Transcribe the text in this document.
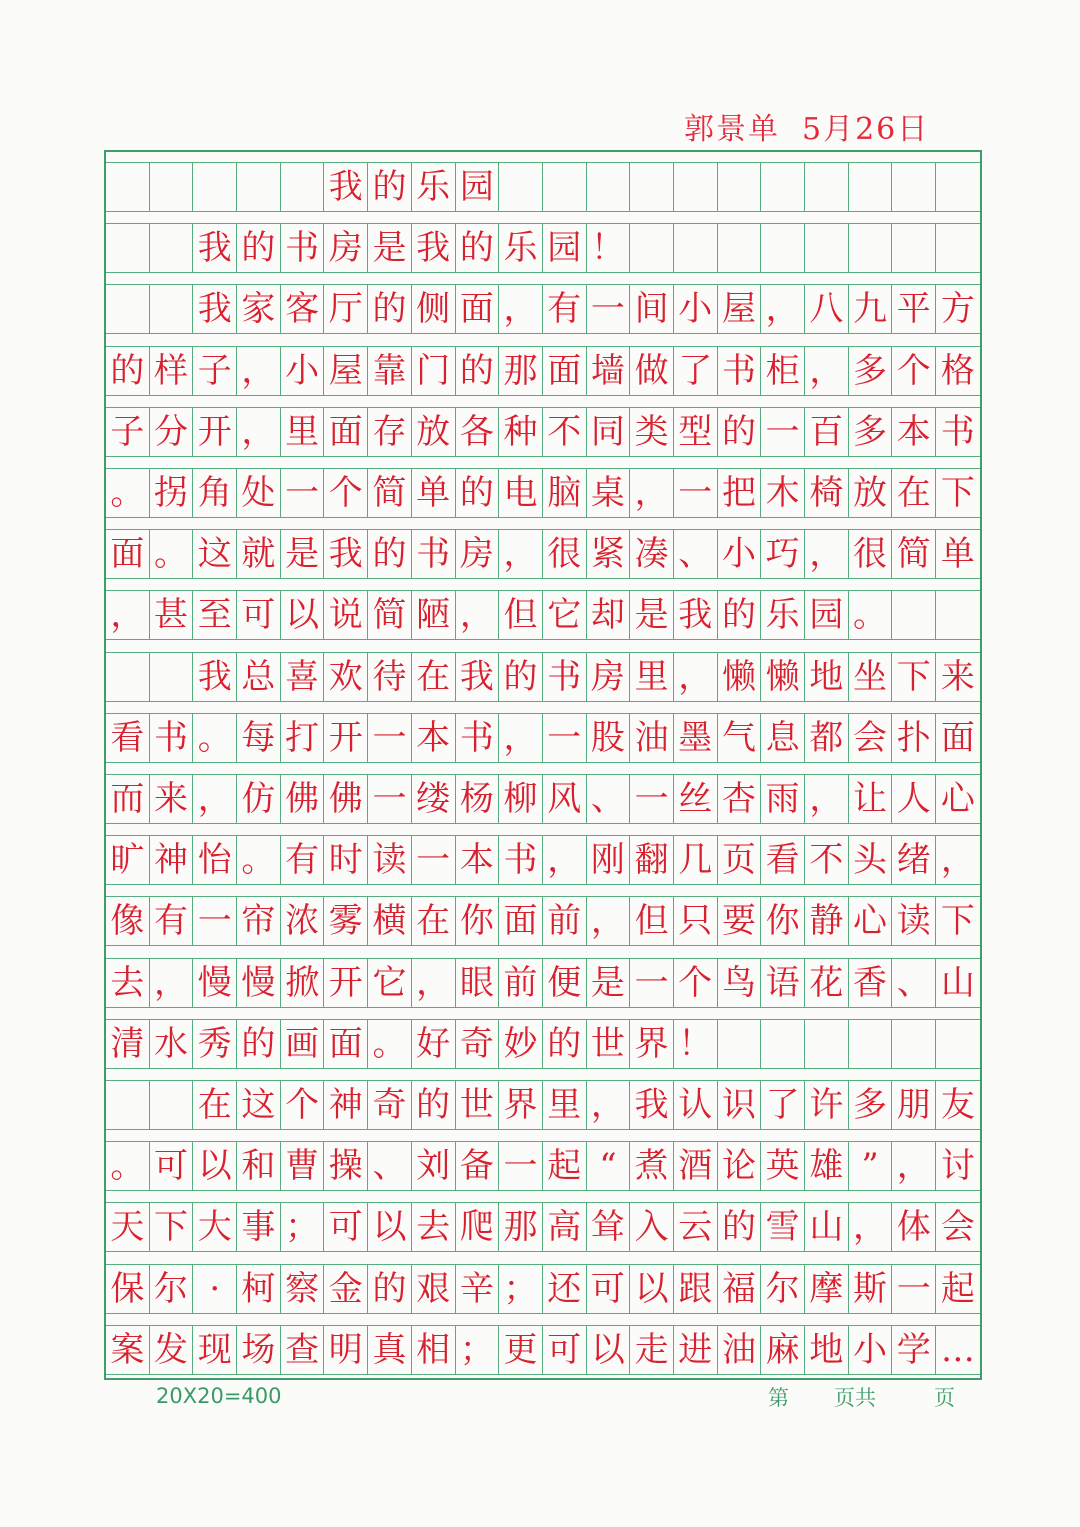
郭景单 5月26日
我 的 乐 园
我 的 书 房 是 我 的 乐 园 ！
我 家 客 厅 的 侧 面 ， 有 一 间 小 屋 ， 八 九 平 方
的 样 子 ， 小 屋 靠 门 的 那 面 墙 做 了 书 柜 ， 多 个 格
子 分 开 ， 里 面 存 放 各 种 不 同 类 型 的 一 百 多 本 书
。 拐 角 处 一 个 简 单 的 电 脑 桌 ， 一 把 木 椅 放 在 下
面 。 这 就 是 我 的 书 房 ， 很 紧 凑 、 小 巧 ， 很 简 单
， 甚 至 可 以 说 简 陋 ， 但 它 却 是 我 的 乐 园 。
我 总 喜 欢 待 在 我 的 书 房 里 ， 懒 懒 地 坐 下 来
看 书 。 每 打 开 一 本 书 ， 一 股 油 墨 气 息 都 会 扑 面
而 来 ， 仿 佛 佛 一 缕 杨 柳 风 、 一 丝 杏 雨 ， 让 人 心
旷 神 怡 。 有 时 读 一 本 书 ， 刚 翻 几 页 看 不 头 绪 ，
像 有 一 帘 浓 雾 横 在 你 面 前 ， 但 只 要 你 静 心 读 下
去 ， 慢 慢 掀 开 它 ， 眼 前 便 是 一 个 鸟 语 花 香 、 山
清 水 秀 的 画 面 。 好 奇 妙 的 世 界 ！
在 这 个 神 奇 的 世 界 里 ， 我 认 识 了 许 多 朋 友
。 可 以 和 曹 操 、 刘 备 一 起 “ 煮 酒 论 英 雄 ” ， 讨
天 下 大 事 ； 可 以 去 爬 那 高 耸 入 云 的 雪 山 ， 体 会
保 尔 · 柯 察 金 的 艰 辛 ； 还 可 以 跟 福 尔 摩 斯 一 起
案 发 现 场 查 明 真 相 ； 更 可 以 走 进 油 麻 地 小 学 …
20X20=400	第 页共	页
